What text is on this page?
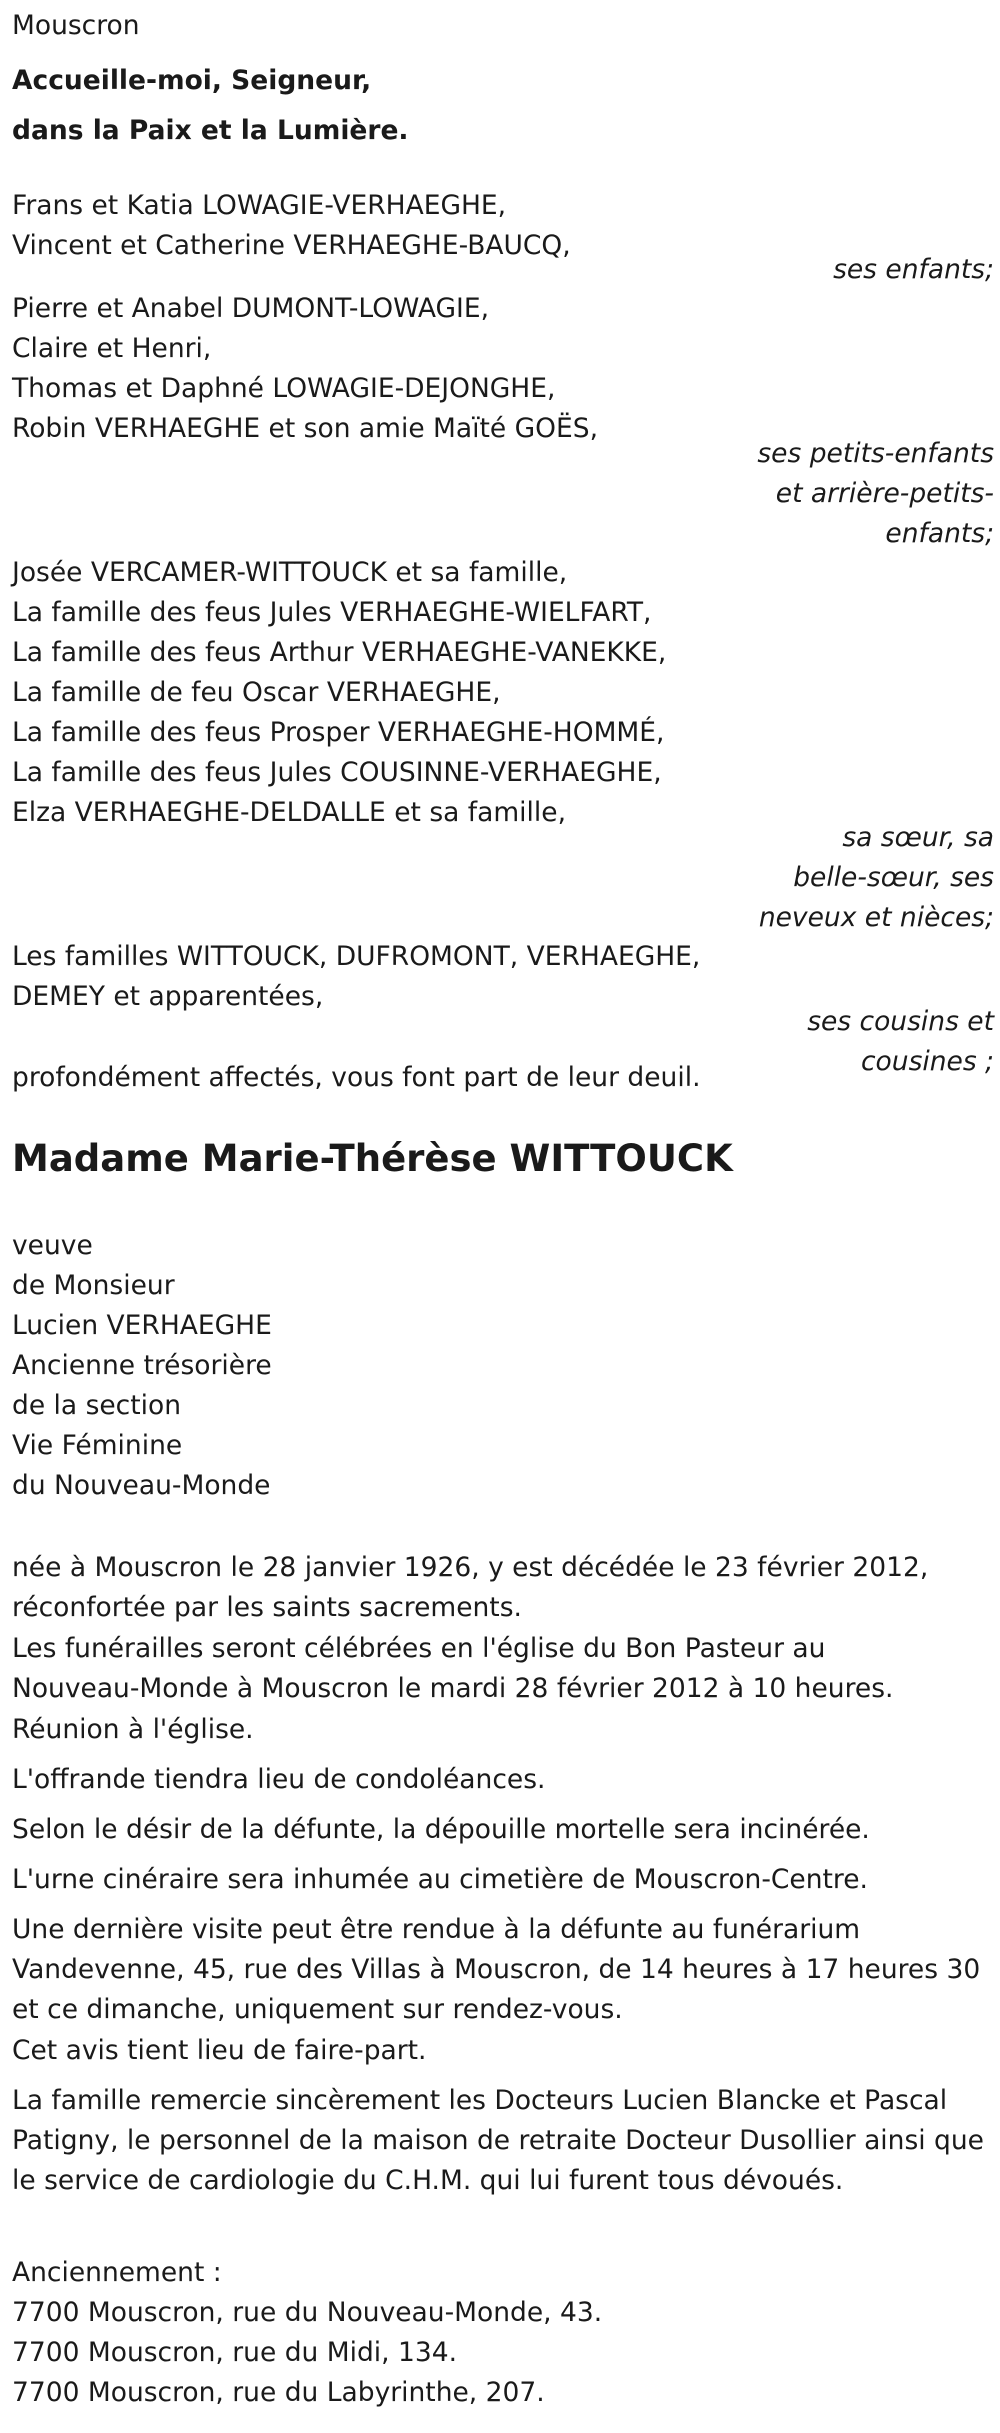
Mouscron

Accueille-moi, Seigneur,
dans la Paix et la Lumière.
Frans et Katia LOWAGIE-VERHAEGHE,
Vincent et Catherine VERHAEGHE-BAUCQ,

ses enfants;

Pierre et Anabel DUMONT-LOWAGIE,
Claire et Henri,
Thomas et Daphné LOWAGIE-DEJONGHE,
Robin VERHAEGHE et son amie Maïté GOËS,
ses petits-enfants
et arrière-petits-
enfants;
Josée VERCAMER-WITTOUCK et sa famille,
La famille des feus Jules VERHAEGHE-WIELFART,
La famille des feus Arthur VERHAEGHE-VANEKKE,
La famille de feu Oscar VERHAEGHE,
La famille des feus Prosper VERHAEGHE-HOMMÉ,
La famille des feus Jules COUSINNE-VERHAEGHE,
Elza VERHAEGHE-DELDALLE et sa famille,
sa sœur, sa
belle-sœur, ses
neveux et nièces;
Les familles WITTOUCK, DUFROMONT, VERHAEGHE,
DEMEY et apparentées,
ses cousins et
cousines ;

profondément affectés, vous font part de leur deuil.

Madame Marie-Thérèse WITTOUCK
veuve
de Monsieur
Lucien VERHAEGHE
Ancienne trésorière
de la section
Vie Féminine
du Nouveau-Monde
née à Mouscron le 28 janvier 1926, y est décédée le 23 février 2012,
réconfortée par les saints sacrements.
Les funérailles seront célébrées en l'église du Bon Pasteur au
Nouveau-Monde à Mouscron le mardi 28 février 2012 à 10 heures.

Réunion à l'église.

L'offrande tiendra lieu de condoléances.

Selon le désir de la défunte, la dépouille mortelle sera incinérée.

L'urne cinéraire sera inhumée au cimetière de Mouscron-Centre.

Une dernière visite peut être rendue à la défunte au funérarium
Vandevenne, 45, rue des Villas à Mouscron, de 14 heures à 17 heures 30
et ce dimanche, uniquement sur rendez-vous.

Cet avis tient lieu de faire-part.

La famille remercie sincèrement les Docteurs Lucien Blancke et Pascal
Patigny, le personnel de la maison de retraite Docteur Dusollier ainsi que
le service de cardiologie du C.H.M. qui lui furent tous dévoués.
Anciennement :
7700 Mouscron, rue du Nouveau-Monde, 43.
7700 Mouscron, rue du Midi, 134.
7700 Mouscron, rue du Labyrinthe, 207.
